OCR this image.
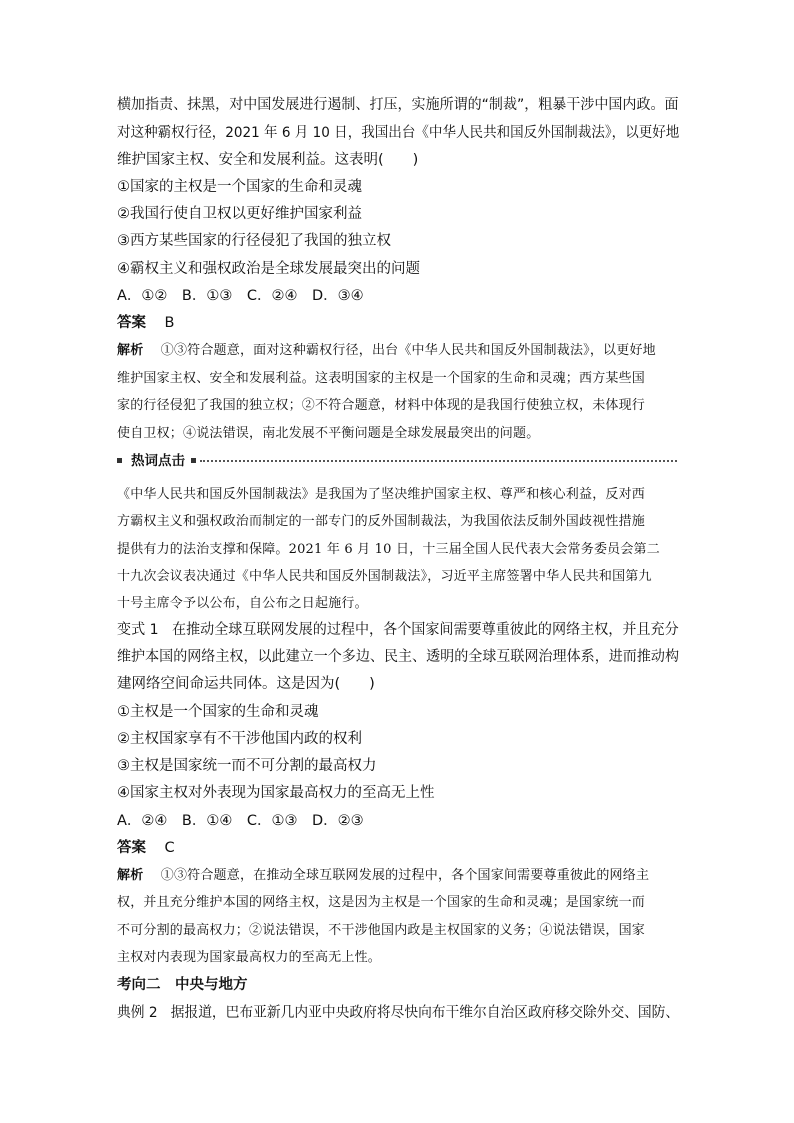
横加指责、抹黑，对中国发展进行遏制、打压，实施所谓的“制裁”，粗暴干涉中国内政。面
对这种霸权行径，2021 年 6 月 10 日，我国出台《中华人民共和国反外国制裁法》，以更好地
维护国家主权、安全和发展利益。这表明(　　)
①国家的主权是一个国家的生命和灵魂
②我国行使自卫权以更好维护国家利益
③西方某些国家的行径侵犯了我国的独立权
④霸权主义和强权政治是全球发展最突出的问题
A．①②　B．①③　C．②④　D．③④
答案 B
解析 ①③符合题意，面对这种霸权行径，出台《中华人民共和国反外国制裁法》，以更好地
维护国家主权、安全和发展利益。这表明国家的主权是一个国家的生命和灵魂；西方某些国
家的行径侵犯了我国的独立权；②不符合题意，材料中体现的是我国行使独立权，未体现行
使自卫权；④说法错误，南北发展不平衡问题是全球发展最突出的问题。
热词点击
《中华人民共和国反外国制裁法》是我国为了坚决维护国家主权、尊严和核心利益，反对西
方霸权主义和强权政治而制定的一部专门的反外国制裁法，为我国依法反制外国歧视性措施
提供有力的法治支撑和保障。2021 年 6 月 10 日，十三届全国人民代表大会常务委员会第二
十九次会议表决通过《中华人民共和国反外国制裁法》，习近平主席签署中华人民共和国第九
十号主席令予以公布，自公布之日起施行。
变式 1 在推动全球互联网发展的过程中，各个国家间需要尊重彼此的网络主权，并且充分
维护本国的网络主权，以此建立一个多边、民主、透明的全球互联网治理体系，进而推动构
建网络空间命运共同体。这是因为(　　)
①主权是一个国家的生命和灵魂
②主权国家享有不干涉他国内政的权利
③主权是国家统一而不可分割的最高权力
④国家主权对外表现为国家最高权力的至高无上性
A．②④　B．①④　C．①③　D．②③
答案 C
解析 ①③符合题意，在推动全球互联网发展的过程中，各个国家间需要尊重彼此的网络主
权，并且充分维护本国的网络主权，这是因为主权是一个国家的生命和灵魂；是国家统一而
不可分割的最高权力；②说法错误，不干涉他国内政是主权国家的义务；④说法错误，国家
主权对内表现为国家最高权力的至高无上性。
考向二　中央与地方
典例 2 据报道，巴布亚新几内亚中央政府将尽快向布干维尔自治区政府移交除外交、国防、
